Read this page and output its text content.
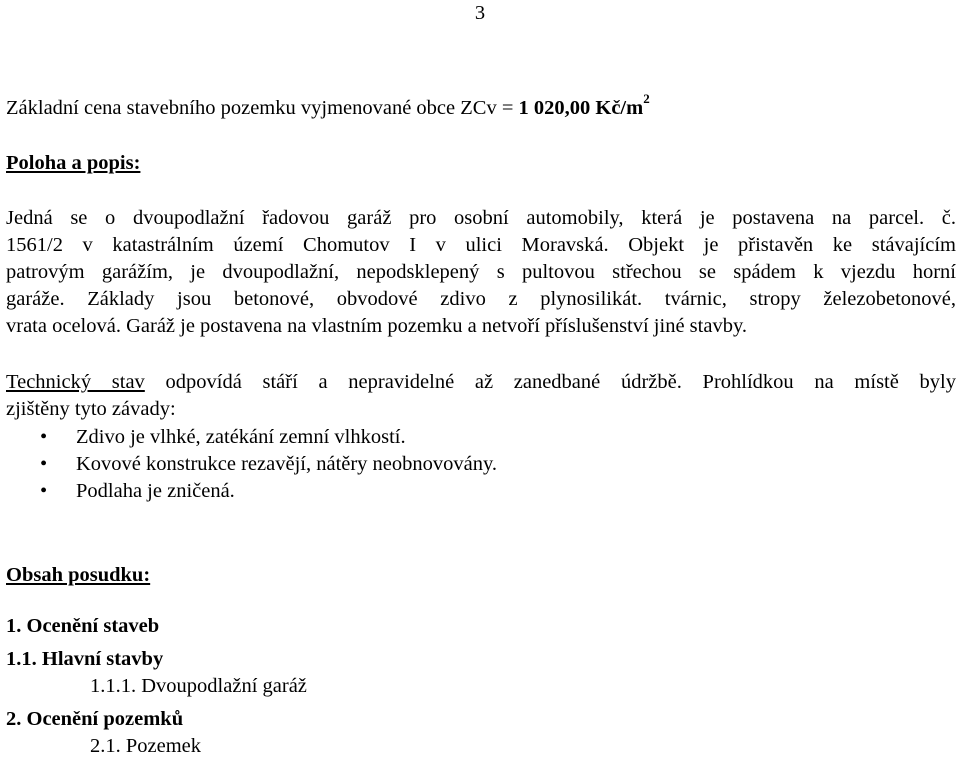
3

Základní cena stavebního pozemku vyjmenované obce ZCv = 1 020,00 $Kč/m^2$

Poloha a popis:

Jedná se o dvoupodlažní řadovou garáž pro osobní automobily, která je postavena na parcel. č.

1561/2 v katastrálním území Chomutov I v ulici Moravská. Objekt je přistavěn ke stávajícím

patrovým garážím, je dvoupodlažní, nepodsklepený s pultovou střechou se spádem k vjezdu horní

garáže. Základy jsou betonové, obvodové zdivo z plynosilikát. tvárnic, stropy železobetonové,

vrata ocelová. Garáž je postavena na vlastním pozemku a netvoří příslušenství jiné stavby.

Technický stav odpovídá stáří a nepravidelné až zanedbané údržbě. Prohlídkou na místě byly

zjištěny tyto závady:

• Zdivo je vlhké, zatékání zemní vlhkostí.
• Kovové konstrukce rezavějí, nátěry neobnovovány.
• Podlaha je zničená.

Obsah posudku:

1. Ocenění staveb

1.1. Hlavní stavby

1.1.1. Dvoupodlažní garáž

2. Ocenění pozemků

2.1. Pozemek
